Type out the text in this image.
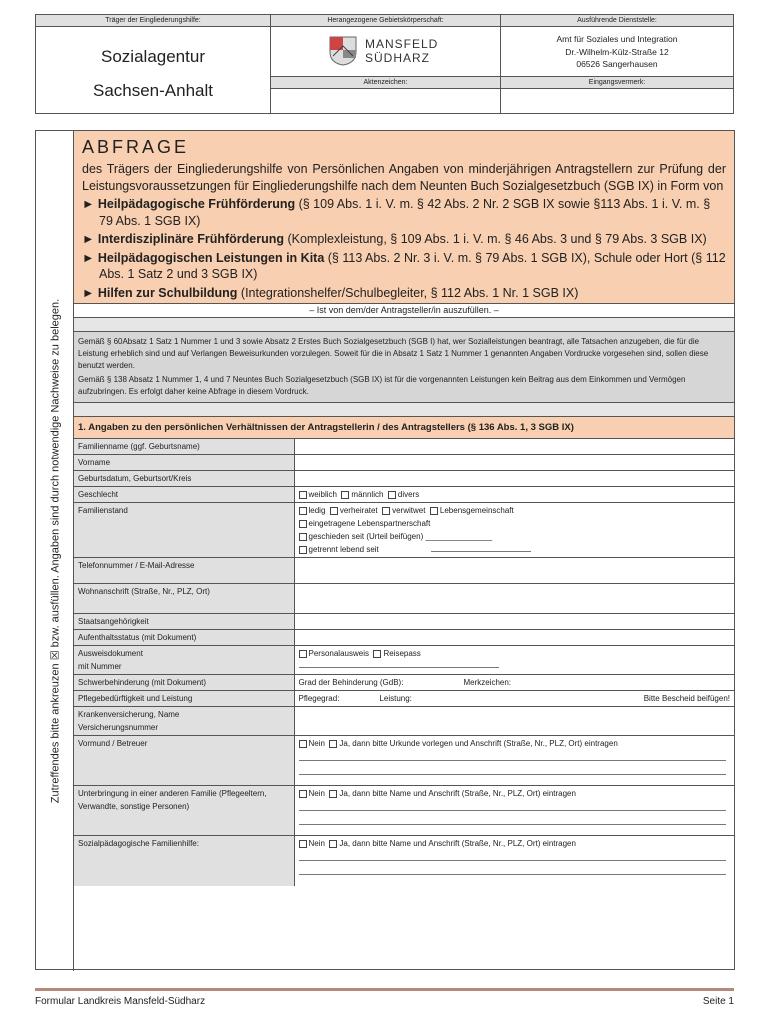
Träger der Eingliederungshilfe:	Herangezogene Gebietskörperschaft:	Ausführende Dienststelle:
Sozialagentur
Sachsen-Anhalt
MANSFELD
SÜDHARZ
Amt für Soziales und Integration
Dr.-Wilhelm-Külz-Straße 12
06526 Sangerhausen
Aktenzeichen:	Eingangsvermerk:
Zutreffendes bitte ankreuzen ☒ bzw. ausfüllen. Angaben sind durch notwendige Nachweise zu belegen.
ABFRAGE

des Trägers der Eingliederungshilfe von Persönlichen Angaben von minderjährigen Antragstellern zur Prüfung der Leistungsvoraussetzungen für Eingliederungshilfe nach dem Neunten Buch Sozialgesetzbuch (SGB IX) in Form von

► Heilpädagogische Frühförderung (§ 109 Abs. 1 i. V. m. § 42 Abs. 2 Nr. 2 SGB IX sowie §113 Abs. 1 i. V. m. § 79 Abs. 1 SGB IX)
► Interdisziplinäre Frühförderung (Komplexleistung, § 109 Abs. 1 i. V. m. § 46 Abs. 3 und § 79 Abs. 3 SGB IX)
► Heilpädagogischen Leistungen in Kita (§ 113 Abs. 2 Nr. 3 i. V. m. § 79 Abs. 1 SGB IX), Schule oder Hort (§ 112 Abs. 1 Satz 2 und 3 SGB IX)
► Hilfen zur Schulbildung (Integrationshelfer/Schulbegleiter, § 112 Abs. 1 Nr. 1 SGB IX)
– Ist von dem/der Antragsteller/in auszufüllen. –
Gemäß § 60Absatz 1 Satz 1 Nummer 1 und 3 sowie Absatz 2 Erstes Buch Sozialgesetzbuch (SGB I) hat, wer Sozialleistungen beantragt, alle Tatsachen anzugeben, die für die Leistung erheblich sind und auf Verlangen Beweisurkunden vorzulegen. Soweit für die in Absatz 1 Satz 1 Nummer 1 genannten Angaben Vordrucke vorgesehen sind, sollen diese benutzt werden.
Gemäß § 138 Absatz 1 Nummer 1, 4 und 7 Neuntes Buch Sozialgesetzbuch (SGB IX) ist für die vorgenannten Leistungen kein Beitrag aus dem Einkommen und Vermögen aufzubringen. Es erfolgt daher keine Abfrage in diesem Vordruck.
1. Angaben zu den persönlichen Verhältnissen der Antragstellerin / des Antragstellers (§ 136 Abs. 1, 3 SGB IX)
Familienname (ggf. Geburtsname)	
Vorname	
Geburtsdatum, Geburtsort/Kreis	
Geschlecht	weiblich männlich divers
Familienstand	ledig verheiratet verwitwet Lebensgemeinschaft
eingetragene Lebenspartnerschaft
geschieden seit (Urteil beifügen) _______________
getrennt lebend seit

Telefonnummer / E-Mail-Adresse	
Wohnanschrift (Straße, Nr., PLZ, Ort)	
Staatsangehörigkeit	
Aufenthaltsstatus (mit Dokument)	

Ausweisdokument
mit Nummer	Personalausweis Reisepass

Schwerbehinderung (mit Dokument)	Grad der Behinderung (GdB): Merkzeichen:
Pflegebedürftigkeit und Leistung	Pflegegrad: Leistung: Bitte Bescheid beifügen!

Krankenversicherung, Name
Versicherungsnummer	

Vormund / Betreuer	Nein Ja, dann bitte Urkunde vorlegen und Anschrift (Straße, Nr., PLZ, Ort) eintragen

Unterbringung in einer anderen Familie (Pflegeeltern, Verwandte, sonstige Personen)	Nein Ja, dann bitte Name und Anschrift (Straße, Nr., PLZ, Ort) eintragen

Sozialpädagogische Familienhilfe:	Nein Ja, dann bitte Name und Anschrift (Straße, Nr., PLZ, Ort) eintragen
Formular Landkreis Mansfeld-Südharz	Seite 1
